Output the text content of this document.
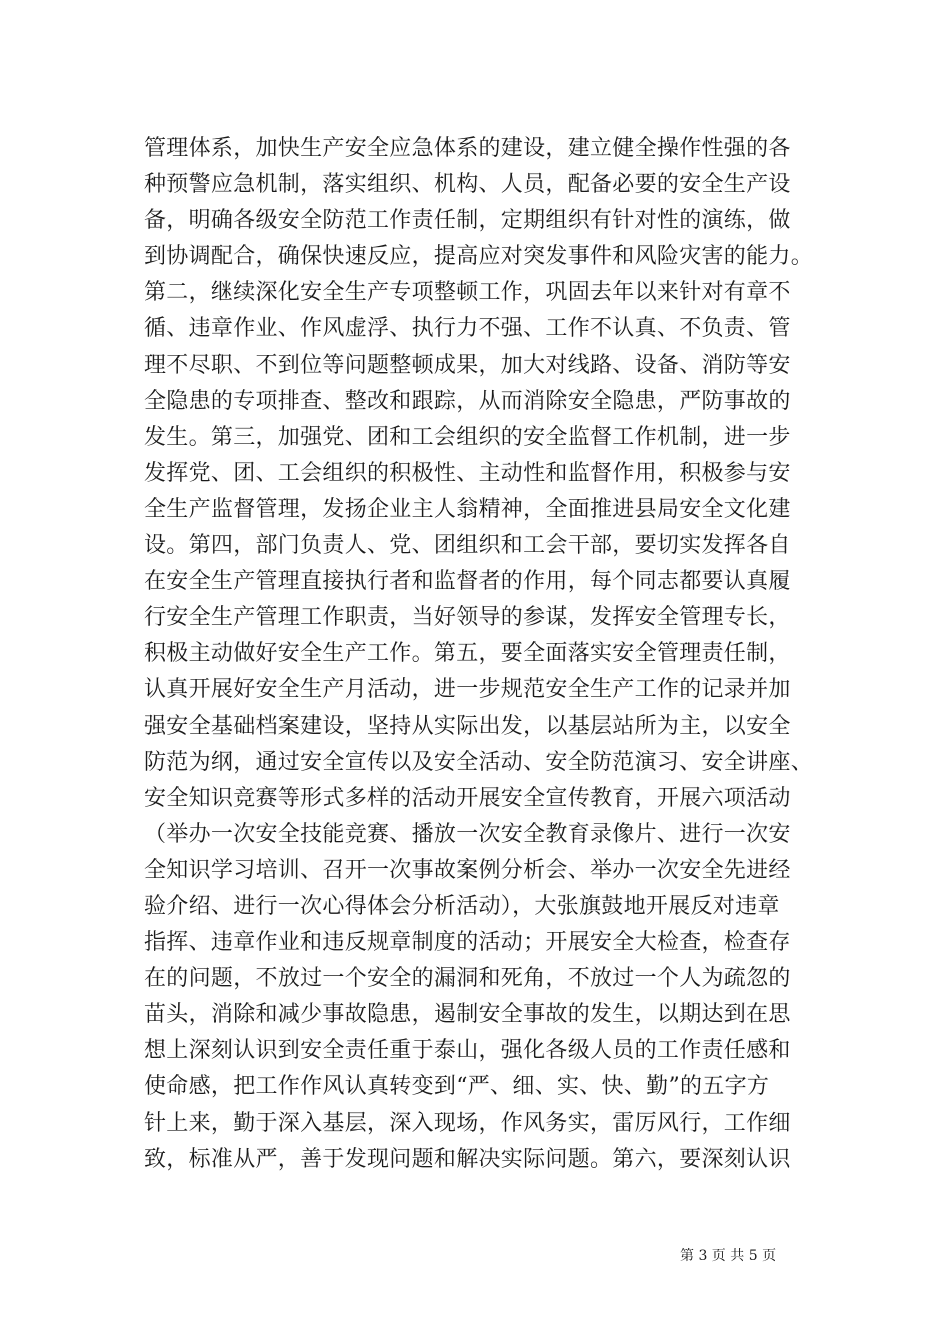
管理体系，加快生产安全应急体系的建设，建立健全操作性强的各
种预警应急机制，落实组织、机构、人员，配备必要的安全生产设
备，明确各级安全防范工作责任制，定期组织有针对性的演练，做
到协调配合，确保快速反应，提高应对突发事件和风险灾害的能力。
第二，继续深化安全生产专项整顿工作，巩固去年以来针对有章不
循、违章作业、作风虚浮、执行力不强、工作不认真、不负责、管
理不尽职、不到位等问题整顿成果，加大对线路、设备、消防等安
全隐患的专项排查、整改和跟踪，从而消除安全隐患，严防事故的
发生。第三，加强党、团和工会组织的安全监督工作机制，进一步
发挥党、团、工会组织的积极性、主动性和监督作用，积极参与安
全生产监督管理，发扬企业主人翁精神，全面推进县局安全文化建
设。第四，部门负责人、党、团组织和工会干部，要切实发挥各自
在安全生产管理直接执行者和监督者的作用，每个同志都要认真履
行安全生产管理工作职责，当好领导的参谋，发挥安全管理专长，
积极主动做好安全生产工作。第五，要全面落实安全管理责任制，
认真开展好安全生产月活动，进一步规范安全生产工作的记录并加
强安全基础档案建设，坚持从实际出发，以基层站所为主，以安全
防范为纲，通过安全宣传以及安全活动、安全防范演习、安全讲座、
安全知识竞赛等形式多样的活动开展安全宣传教育，开展六项活动
（举办一次安全技能竞赛、播放一次安全教育录像片、进行一次安
全知识学习培训、召开一次事故案例分析会、举办一次安全先进经
验介绍、进行一次心得体会分析活动），大张旗鼓地开展反对违章
指挥、违章作业和违反规章制度的活动；开展安全大检查，检查存
在的问题，不放过一个安全的漏洞和死角，不放过一个人为疏忽的
苗头，消除和减少事故隐患，遏制安全事故的发生，以期达到在思
想上深刻认识到安全责任重于泰山，强化各级人员的工作责任感和
使命感，把工作作风认真转变到“严、细、实、快、勤”的五字方
针上来，勤于深入基层，深入现场，作风务实，雷厉风行，工作细
致，标准从严，善于发现问题和解决实际问题。第六，要深刻认识
第 3 页 共 5 页
